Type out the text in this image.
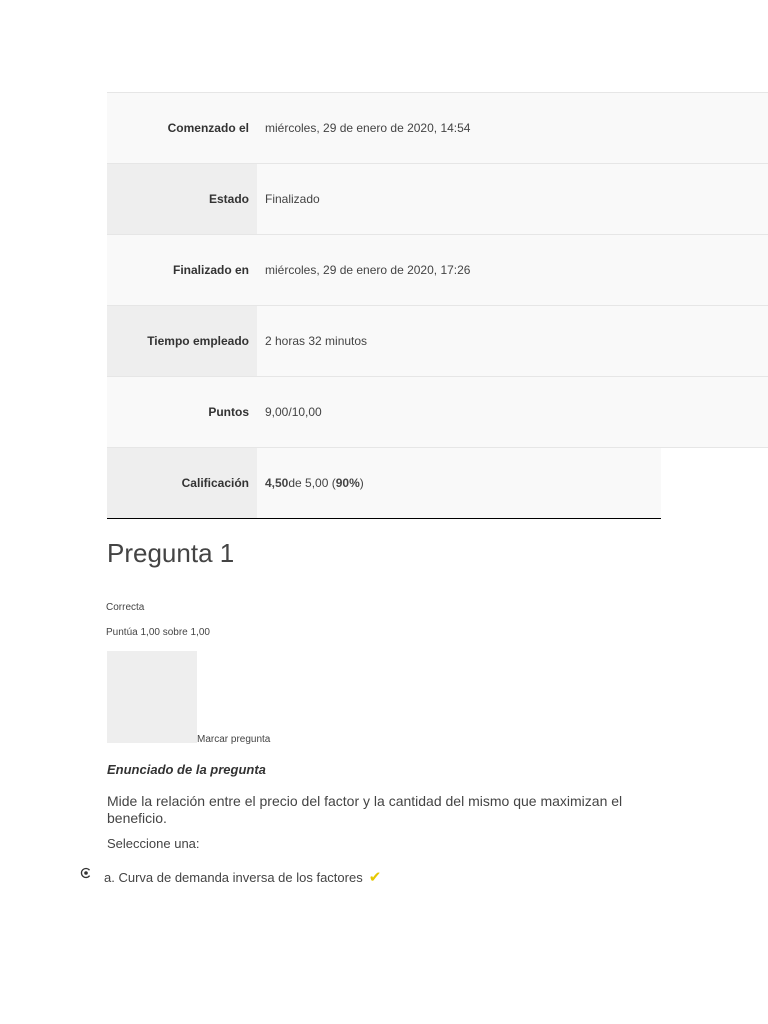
Comenzado el	miércoles, 29 de enero de 2020, 14:54
Estado	Finalizado
Finalizado en	miércoles, 29 de enero de 2020, 17:26
Tiempo empleado	2 horas 32 minutos
Puntos	9,00/10,00
Calificación	4,50 de 5,00 ( 90% )
Pregunta 1
Correcta
Puntúa 1,00 sobre 1,00
Marcar pregunta
Enunciado de la pregunta
Mide la relación entre el precio del factor y la cantidad del mismo que maximizan el beneficio.
Seleccione una:
a. Curva de demanda inversa de los factores ✔
